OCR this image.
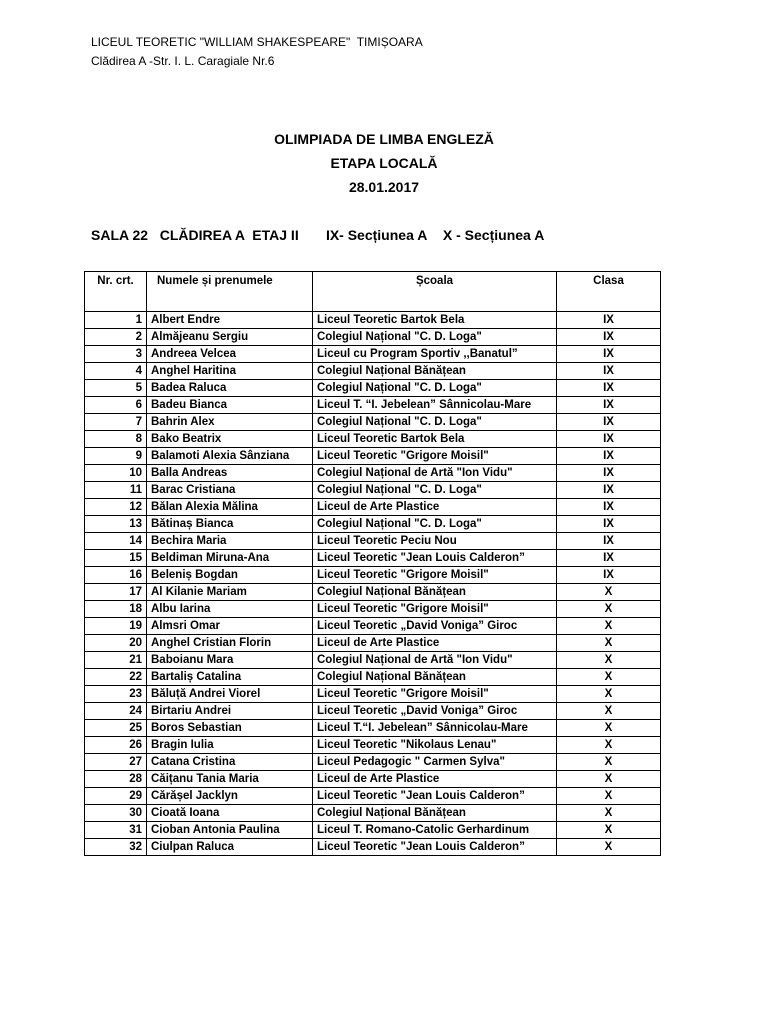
LICEUL TEORETIC "WILLIAM SHAKESPEARE"  TIMIȘOARA
Clădirea A -Str. I. L. Caragiale Nr.6
OLIMPIADA DE LIMBA ENGLEZĂ
ETAPA LOCALĂ
28.01.2017
SALA 22 CLĂDIREA A  ETAJ II IX- Secțiunea A X - Secțiunea A
Nr. crt.	Numele și prenumele	Școala	Clasa
1	Albert Endre	Liceul Teoretic Bartok Bela	IX
2	Almăjeanu Sergiu	Colegiul Național "C. D. Loga"	IX
3	Andreea Velcea	Liceul cu Program Sportiv ,,Banatul”	IX
4	Anghel Haritina	Colegiul Național Bănățean	IX
5	Badea Raluca	Colegiul Național "C. D. Loga"	IX
6	Badeu Bianca	Liceul T. “I. Jebelean” Sânnicolau-Mare	IX
7	Bahrin Alex	Colegiul Național "C. D. Loga"	IX
8	Bako Beatrix	Liceul Teoretic Bartok Bela	IX
9	Balamoti Alexia Sânziana	Liceul Teoretic "Grigore Moisil"	IX
10	Balla Andreas	Colegiul Național de Artă "Ion Vidu"	IX
11	Barac Cristiana	Colegiul Național "C. D. Loga"	IX
12	Bălan Alexia Mălina	Liceul de Arte Plastice	IX
13	Bătinaș Bianca	Colegiul Național "C. D. Loga"	IX
14	Bechira Maria	Liceul Teoretic Peciu Nou	IX
15	Beldiman Miruna-Ana	Liceul Teoretic "Jean Louis Calderon”	IX
16	Beleniș Bogdan	Liceul Teoretic "Grigore Moisil"	IX
17	Al Kilanie Mariam	Colegiul Național Bănățean	X
18	Albu Iarina	Liceul Teoretic "Grigore Moisil"	X
19	Almsri Omar	Liceul Teoretic „David Voniga” Giroc	X
20	Anghel Cristian Florin	Liceul de Arte Plastice	X
21	Baboianu Mara	Colegiul Național de Artă "Ion Vidu"	X
22	Bartaliș Catalina	Colegiul Național Bănățean	X
23	Băluță Andrei Viorel	Liceul Teoretic "Grigore Moisil"	X
24	Birtariu Andrei	Liceul Teoretic „David Voniga” Giroc	X
25	Boros Sebastian	Liceul T.“I. Jebelean” Sânnicolau-Mare	X
26	Bragin Iulia	Liceul Teoretic "Nikolaus Lenau"	X
27	Catana Cristina	Liceul Pedagogic " Carmen Sylva"	X
28	Căițanu Tania Maria	Liceul de Arte Plastice	X
29	Cărășel Jacklyn	Liceul Teoretic "Jean Louis Calderon”	X
30	Cioată Ioana	Colegiul Național Bănățean	X
31	Cioban Antonia Paulina	Liceul T. Romano-Catolic Gerhardinum	X
32	Ciulpan Raluca	Liceul Teoretic "Jean Louis Calderon”	X
